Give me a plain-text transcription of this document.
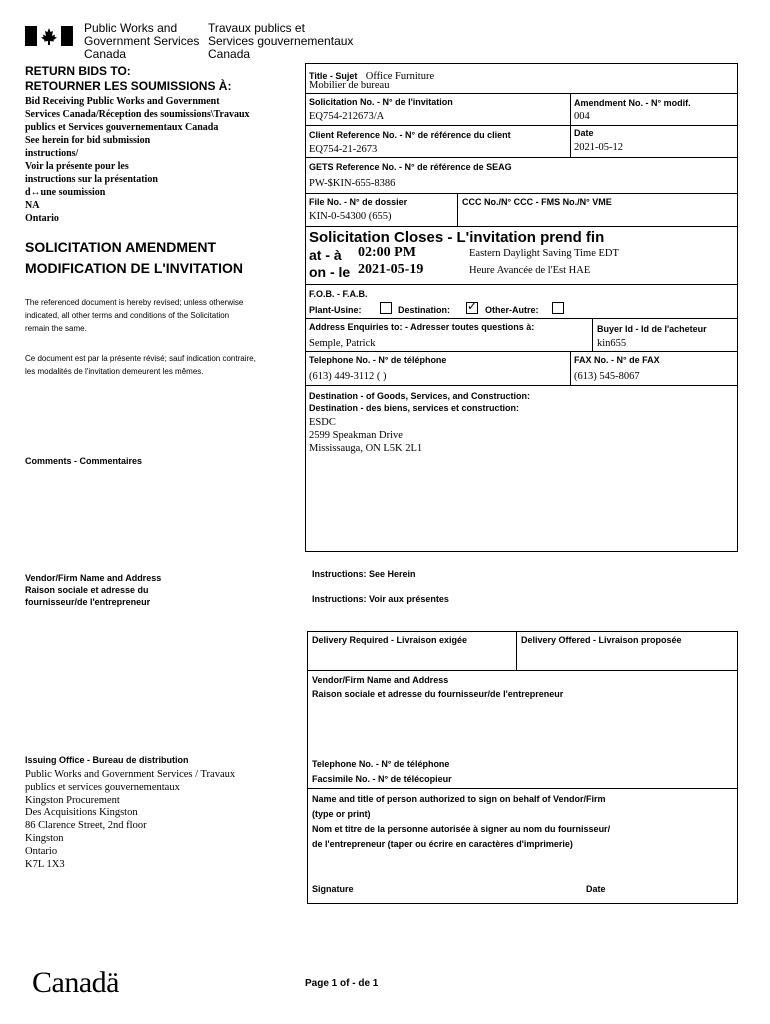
Public Works and
Government Services
Canada
Travaux publics et
Services gouvernementaux
Canada
RETURN BIDS TO:
RETOURNER LES SOUMISSIONS À:
Bid Receiving Public Works and Government
Services Canada/Réception des soumissions\Travaux
publics et Services gouvernementaux Canada
See herein for bid submission
instructions/
Voir la présente pour les
instructions sur la présentation
d↔une soumission
NA
Ontario
SOLICITATION AMENDMENT
MODIFICATION DE L'INVITATION
The referenced document is hereby revised; unless otherwise
indicated, all other terms and conditions of the Solicitation
remain the same.
Ce document est par la présente révisé; sauf indication contraire,
les modalités de l'invitation demeurent les mêmes.
Comments - Commentaires
Vendor/Firm Name and Address
Raison sociale et adresse du
fournisseur/de l'entrepreneur
Issuing Office - Bureau de distribution
Public Works and Government Services / Travaux
publics et services gouvernementaux
Kingston Procurement
Des Acquisitions Kingston
86 Clarence Street, 2nd floor
Kingston
Ontario
K7L 1X3
Title - Sujet Office Furniture
Mobilier de bureau
Solicitation No. - N° de l'invitation
EQ754-212673/A
Amendment No. - N° modif.
004
Client Reference No. - N° de référence du client
EQ754-21-2673
Date
2021-05-12
GETS Reference No. - N° de référence de SEAG
PW-$KIN-655-8386
File No. - N° de dossier
KIN-0-54300 (655)
CCC No./N° CCC - FMS No./N° VME
Solicitation Closes - L'invitation prend fin
at - à 02:00 PM
on - le 2021-05-19
Eastern Daylight Saving Time EDT
Heure Avancée de l'Est HAE
F.O.B. - F.A.B.
Plant-Usine:	Destination: ✓ Other-Autre:
Address Enquiries to: - Adresser toutes questions à:
Semple, Patrick
Buyer Id - Id de l'acheteur
kin655
Telephone No. - N° de téléphone
(613) 449-3112 ( )
FAX No. - N° de FAX
(613) 545-8067
Destination - of Goods, Services, and Construction:
Destination - des biens, services et construction:
ESDC
2599 Speakman Drive
Mississauga, ON L5K 2L1
Instructions: See Herein
Instructions: Voir aux présentes
Delivery Required - Livraison exigée	Delivery Offered - Livraison proposée
Vendor/Firm Name and Address
Raison sociale et adresse du fournisseur/de l'entrepreneur
Telephone No. - N° de téléphone
Facsimile No. - N° de télécopieur
Name and title of person authorized to sign on behalf of Vendor/Firm
(type or print)
Nom et titre de la personne autorisée à signer au nom du fournisseur/
de l'entrepreneur (taper ou écrire en caractères d'imprimerie)
Signature	Date
Canadä	Page 1 of - de 1
